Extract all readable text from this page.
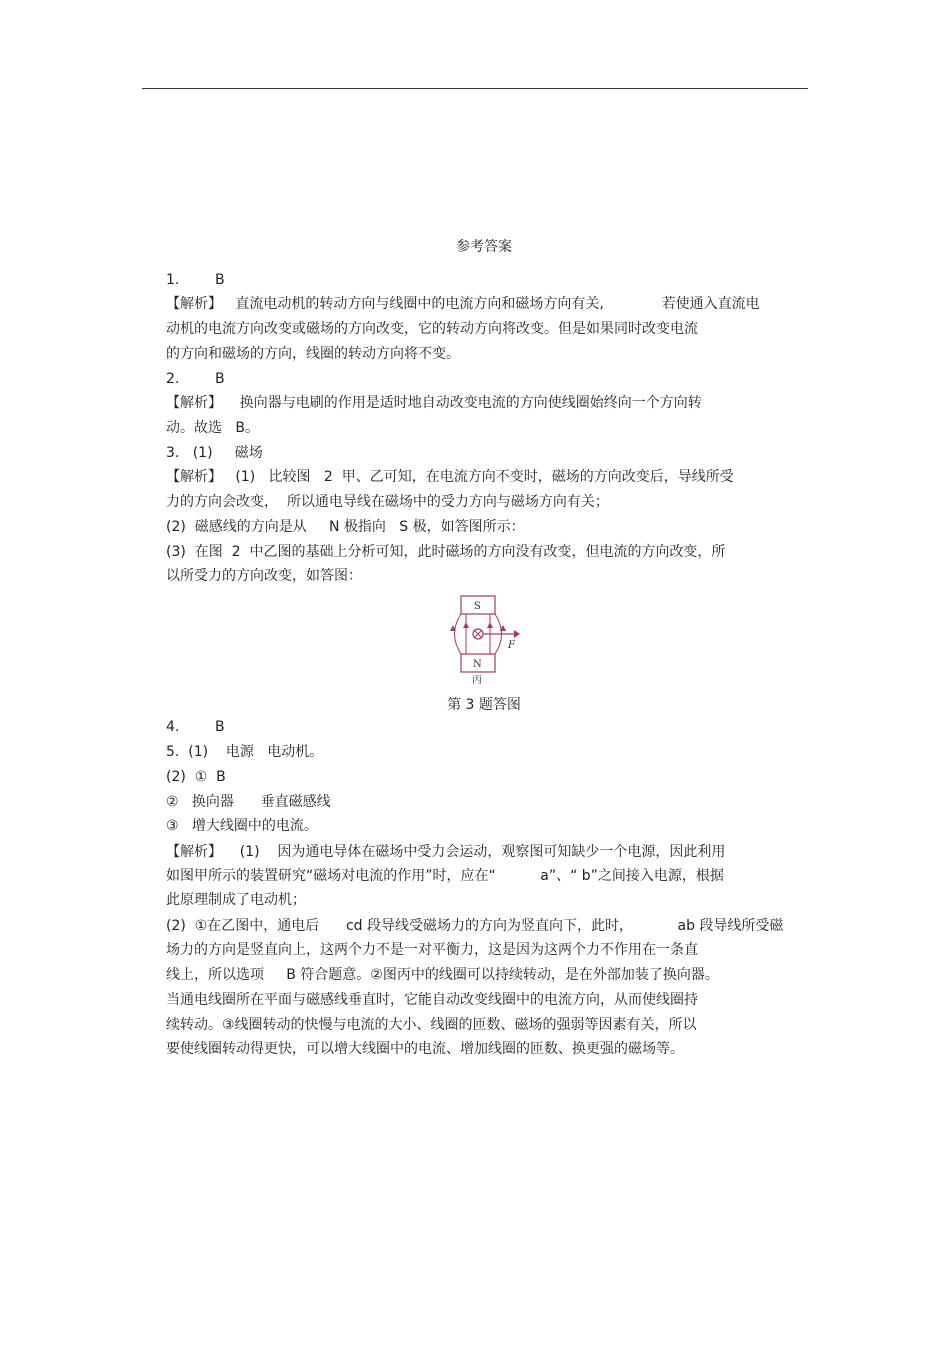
参考答案
1.        B
【解析】   直流电动机的转动方向与线圈中的电流方向和磁场方向有关,             若使通入直流电
动机的电流方向改变或磁场的方向改变，它的转动方向将改变。但是如果同时改变电流
的方向和磁场的方向，线圈的转动方向将不变。
2.        B
【解析】    换向器与电刷的作用是适时地自动改变电流的方向使线圈始终向一个方向转
动。故选   B。
3.   (1)     磁场
【解析】   (1)   比较图   2  甲、乙可知，在电流方向不变时，磁场的方向改变后，导线所受
力的方向会改变，  所以通电导线在磁场中的受力方向与磁场方向有关；
(2)  磁感线的方向是从     N 极指向   S 极，如答图所示：
(3)  在图  2  中乙图的基础上分析可知，此时磁场的方向没有改变，但电流的方向改变，所
以所受力的方向改变，如答图：
S
N
F
丙
第 3 题答图
4.        B
5.  (1)    电源   电动机。
(2)  ①  B
②   换向器      垂直磁感线
③   增大线圈中的电流。
【解析】    (1)    因为通电导体在磁场中受力会运动，观察图可知缺少一个电源，因此利用
如图甲所示的装置研究“磁场对电流的作用”时，应在“          a”、“ b”之间接入电源，根据
此原理制成了电动机；
(2)  ①在乙图中，通电后      cd 段导线受磁场力的方向为竖直向下，此时，          ab 段导线所受磁
场力的方向是竖直向上，这两个力不是一对平衡力，这是因为这两个力不作用在一条直
线上，所以选项     B 符合题意。②图丙中的线圈可以持续转动，是在外部加装了换向器。
当通电线圈所在平面与磁感线垂直时，它能自动改变线圈中的电流方向，从而使线圈持
续转动。③线圈转动的快慢与电流的大小、线圈的匝数、磁场的强弱等因素有关，所以
要使线圈转动得更快，可以增大线圈中的电流、增加线圈的匝数、换更强的磁场等。
